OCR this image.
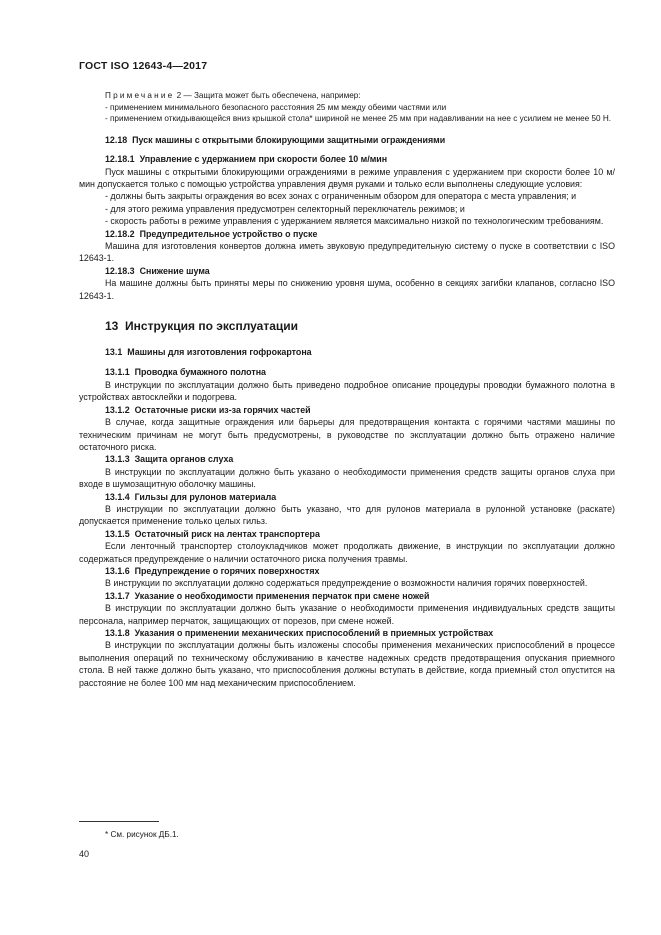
ГОСТ ISO 12643-4—2017

Примечание 2 — Защита может быть обеспечена, например:

- применением минимального безопасного расстояния 25 мм между обеими частями или

- применением откидывающейся вниз крышкой стола* шириной не менее 25 мм при надавливании на нее с усилием не менее 50 Н.

12.18 Пуск машины с открытыми блокирующими защитными ограждениями
12.18.1 Управление с удержанием при скорости более 10 м/мин

Пуск машины с открытыми блокирующими ограждениями в режиме управления с удержанием при скорости более 10 м/мин допускается только с помощью устройства управления двумя руками и только если выполнены следующие условия:

- должны быть закрыты ограждения во всех зонах с ограниченным обзором для оператора с места управления; и

- для этого режима управления предусмотрен селекторный переключатель режимов; и

- скорость работы в режиме управления с удержанием является максимально низкой по технологическим требованиям.

12.18.2 Предупредительное устройство о пуске

Машина для изготовления конвертов должна иметь звуковую предупредительную систему о пуске в соответствии с ISO 12643-1.

12.18.3 Снижение шума

На машине должны быть приняты меры по снижению уровня шума, особенно в секциях загибки клапанов, согласно ISO 12643-1.

13 Инструкция по эксплуатации
13.1 Машины для изготовления гофрокартона
13.1.1 Проводка бумажного полотна

В инструкции по эксплуатации должно быть приведено подробное описание процедуры проводки бумажного полотна в устройствах автосклейки и подогрева.

13.1.2 Остаточные риски из-за горячих частей

В случае, когда защитные ограждения или барьеры для предотвращения контакта с горячими частями машины по техническим причинам не могут быть предусмотрены, в руководстве по эксплуатации должно быть отражено наличие остаточного риска.

13.1.3 Защита органов слуха

В инструкции по эксплуатации должно быть указано о необходимости применения средств защиты органов слуха при входе в шумозащитную оболочку машины.

13.1.4 Гильзы для рулонов материала

В инструкции по эксплуатации должно быть указано, что для рулонов материала в рулонной установке (раскате) допускается применение только целых гильз.

13.1.5 Остаточный риск на лентах транспортера

Если ленточный транспортер столоукладчиков может продолжать движение, в инструкции по эксплуатации должно содержаться предупреждение о наличии остаточного риска получения травмы.

13.1.6 Предупреждение о горячих поверхностях

В инструкции по эксплуатации должно содержаться предупреждение о возможности наличия горячих поверхностей.

13.1.7 Указание о необходимости применения перчаток при смене ножей

В инструкции по эксплуатации должно быть указание о необходимости применения индивидуальных средств защиты персонала, например перчаток, защищающих от порезов, при смене ножей.

13.1.8 Указания о применении механических приспособлений в приемных устройствах

В инструкции по эксплуатации должны быть изложены способы применения механических приспособлений в процессе выполнения операций по техническому обслуживанию в качестве надежных средств предотвращения опускания приемного стола. В ней также должно быть указано, что приспособления должны вступать в действие, когда приемный стол опустится на расстояние не более 100 мм над механическим приспособлением.

* См. рисунок ДБ.1.
40
